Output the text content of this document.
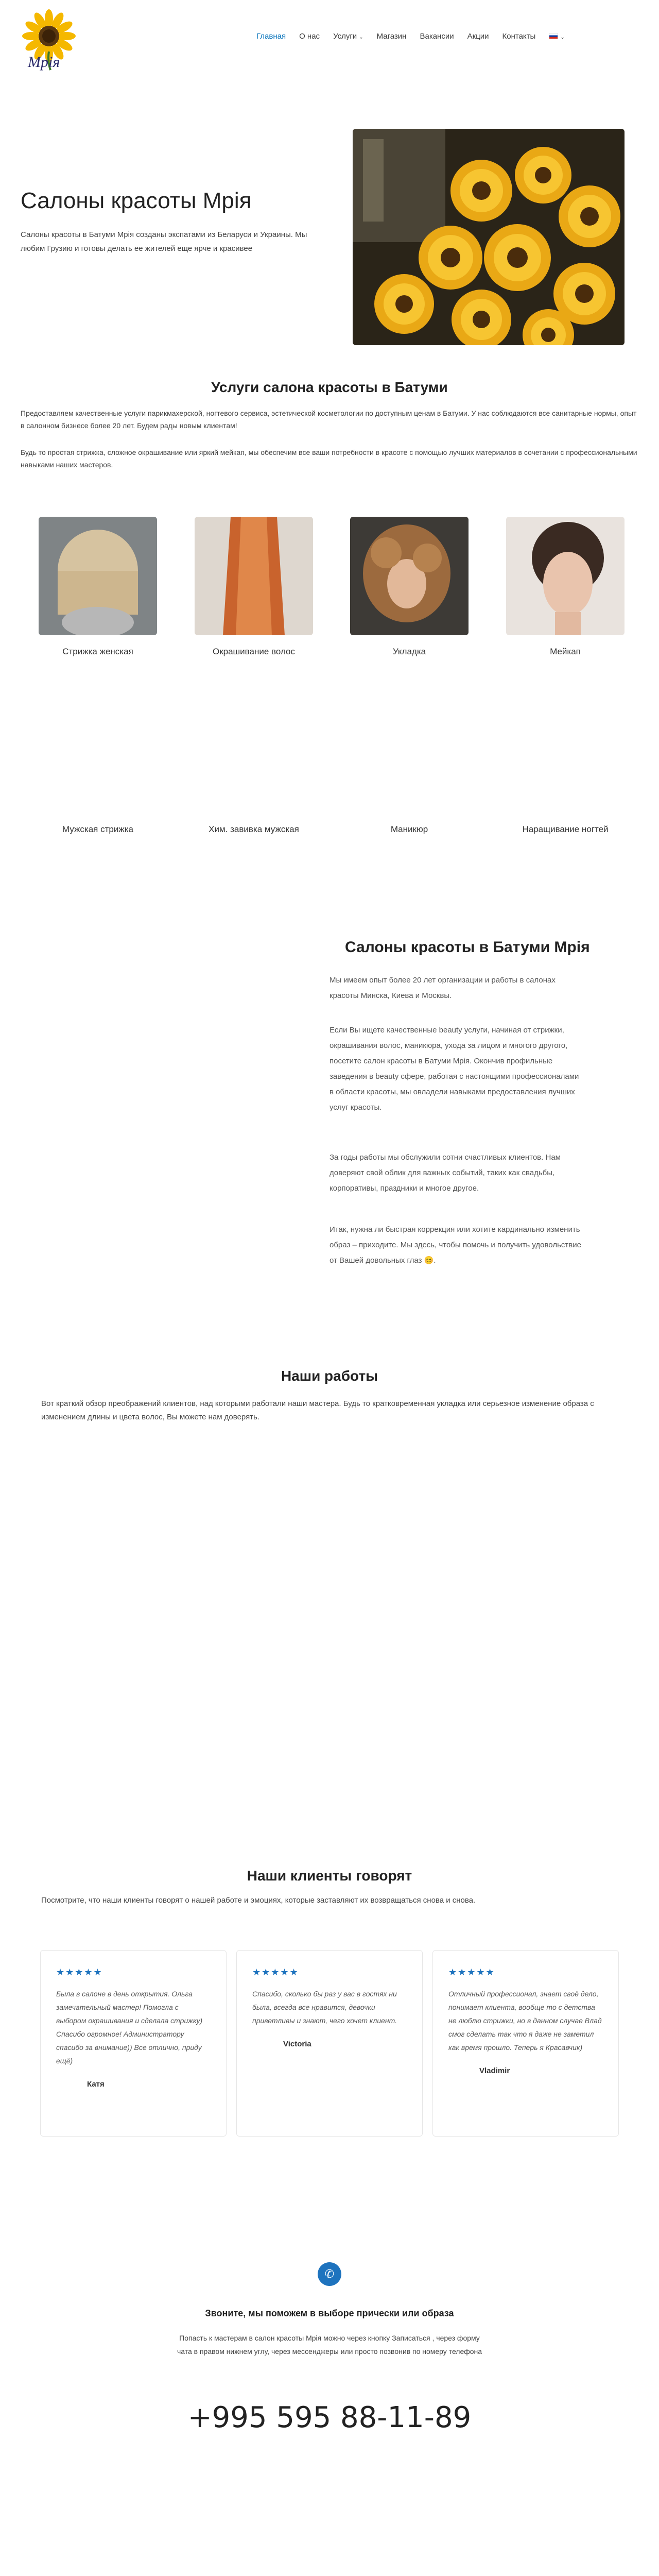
Мрія
Главная	О нас	Услуги ⌄	Магазин	Вакансии	Акции	Контакты	⌄
Салоны красоты Мрія

Салоны красоты в Батуми Мрія созданы экспатами из Беларуси и Украины. Мы любим Грузию и готовы делать ее жителей еще ярче и красивее

Услуги салона красоты в Батуми

Предоставляем качественные услуги парикмахерской, ногтевого сервиса, эстетической косметологии по доступным ценам в Батуми. У нас соблюдаются все санитарные нормы, опыт в салонном бизнесе более 20 лет. Будем рады новым клиентам!

Будь то простая стрижка, сложное окрашивание или яркий мейкап, мы обеспечим все ваши потребности в красоте с помощью лучших материалов в сочетании с профессиональными навыками наших мастеров.

Стрижка женская	Окрашивание волос	Укладка	Мейкап
Мужская стрижка	Хим. завивка мужская	Маникюр	Наращивание ногтей
Салоны красоты в Батуми Мрія

Мы имеем опыт более 20 лет организации и работы в салонах красоты Минска, Киева и Москвы.

Если Вы ищете качественные beauty услуги, начиная от стрижки, окрашивания волос, маникюра, ухода за лицом и многого другого, посетите салон красоты в Батуми Мрія. Окончив профильные заведения в beauty сфере, работая с настоящими профессионалами в области красоты, мы овладели навыками предоставления лучших услуг красоты.

За годы работы мы обслужили сотни счастливых клиентов. Нам доверяют свой облик для важных событий, таких как свадьбы, корпоративы, праздники и многое другое.

Итак, нужна ли быстрая коррекция или хотите кардинально изменить образ – приходите. Мы здесь, чтобы помочь и получить удовольствие от Вашей довольных глаз 😊.

Наши работы

Вот краткий обзор преображений клиентов, над которыми работали наши мастера. Будь то кратковременная укладка или серьезное изменение образа с изменением длины и цвета волос, Вы можете нам доверять.

Наши клиенты говорят

Посмотрите, что наши клиенты говорят о нашей работе и эмоциях, которые заставляют их возвращаться снова и снова.

★★★★★

Была в салоне в день открытия. Ольга замечательный мастер! Помогла с выбором окрашивания и сделала стрижку) Спасибо огромное! Администратору спасибо за внимание)) Все отлично, приду ещё)

Катя
★★★★★

Спасибо, сколько бы раз у вас в гостях ни была, всегда все нравится, девочки приветливы и знают, чего хочет клиент.

Victoria
★★★★★

Отличный профессионал, знает своё дело, понимает клиента, вообще то с детства не люблю стрижки, но в данном случае Влад смог сделать так что я даже не заметил как время прошло. Теперь я Красавчик)

Vladimir
✆
Звоните, мы поможем в выборе прически или образа

Попасть к мастерам в салон красоты Мрія можно через кнопку Записаться , через форму чата в правом нижнем углу, через мессенджеры или просто позвонив по номеру телефона

+995 595 88-11-89
